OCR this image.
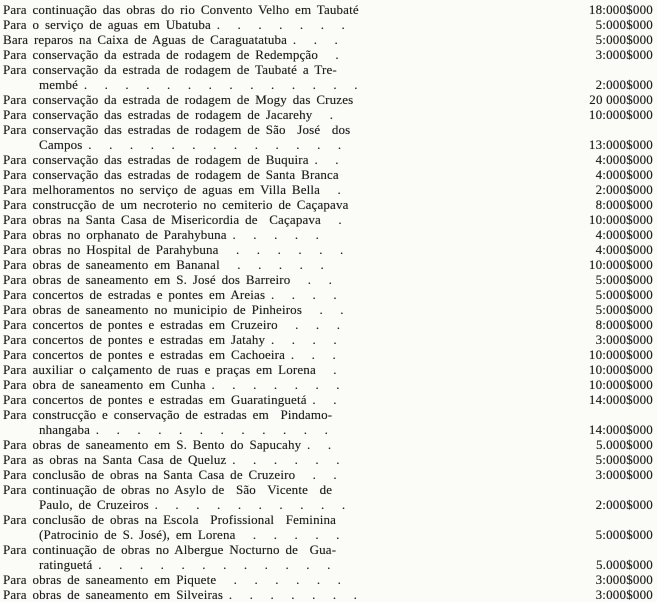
Para continuação das obras do rio Convento Velho em Taubaté	18:000$000
Para o serviço de aguas em Ubatuba .   .   .   .   .   .   .	5:000$000
Bara reparos na Caixa de Aguas de Caraguatatuba .   .   .	5:000$000
Para conservação da estrada de rodagem de Redempção   .	3:000$000
Para conservação da estrada de rodagem de Taubaté a Tre-
membé .   .   .   .   .   .   .   .   .   .   .   .   .   .	2:000$000
Para conservação da estrada de rodagem de Mogy das Cruzes	20 000$000
Para conservação das estradas de rodagem de Jacarehy   .	10:000$000
Para conservação das estradas de rodagem de São  José  dos
Campos .   .   .   .   .   .   .   .   .   .   .   .   .	13:000$000
Para conservação das estradas de rodagem de Buquira .   .	4:000$000
Para conservação das estradas de rodagem de Santa Branca	4:000$000
Para melhoramentos no serviço de aguas em Villa Bella   .	2:000$000
Para construcção de um necroterio no cemiterio de Caçapava	8:000$000
Para obras na Santa Casa de Misericordia de  Caçapava   .	10:000$000
Para obras no orphanato de Parahybuna .   .   .   .   .	4:000$000
Para obras no Hospital de Parahybuna   .   .   .   .   .   .	4:000$000
Para obras de saneamento em Bananal   .   .   .   .   .	10:000$000
Para obras de saneamento em S. José dos Barreiro   .   .	5:000$000
Para concertos de estradas e pontes em Areias .   .   .   .	5:000$000
Para obras de saneamento no municipio de Pinheiros   .   .	5:000$000
Para concertos de pontes e estradas em Cruzeiro   .   .   .	8:000$000
Para concertos de pontes e estradas em Jatahy .   .   .   .	3:000$000
Para concertos de pontes e estradas em Cachoeira .   .   .	10:000$000
Para auxiliar o calçamento de ruas e praças em Lorena   .	10:000$000
Para obra de saneamento em Cunha .   .   .   .   .   .   .	10:000$000
Para concertos de pontes e estradas em Guaratinguetá .   .	14:000$000
Para construcção e conservação de estradas em  Pindamo-
nhangaba .   .   .   .   .   .   .   .   .   .   .   .	14:000$000
Para obras de saneamento em S. Bento do Sapucahy .   .	5.000$000
Para as obras na Santa Casa de Queluz .   .   .   .   .   .	5:000$000
Para conclusão de obras na Santa Casa de Cruzeiro   .   .	3:000$000
Para continuação de obras no Asylo de  São  Vicente  de
Paulo, de Cruzeiros .   .   .   .   .   .   .   .   .   .	2:000$000
Para conclusão de obras na Escola  Profissional  Feminina
(Patrocinio de S. José), em Lorena   .   .   .   .   .	5:000$000
Para continuação de obras no Albergue Nocturno de  Gua-
ratinguetá .   .   .   .   .   .   .   .   .   .   .   .	5.000$000
Para obras de saneamento em Piquete   .   .   .   .   .   .	3:000$000
Para obras de saneamento em Silveiras .   .   .   .   .   .   .	3:000$000
